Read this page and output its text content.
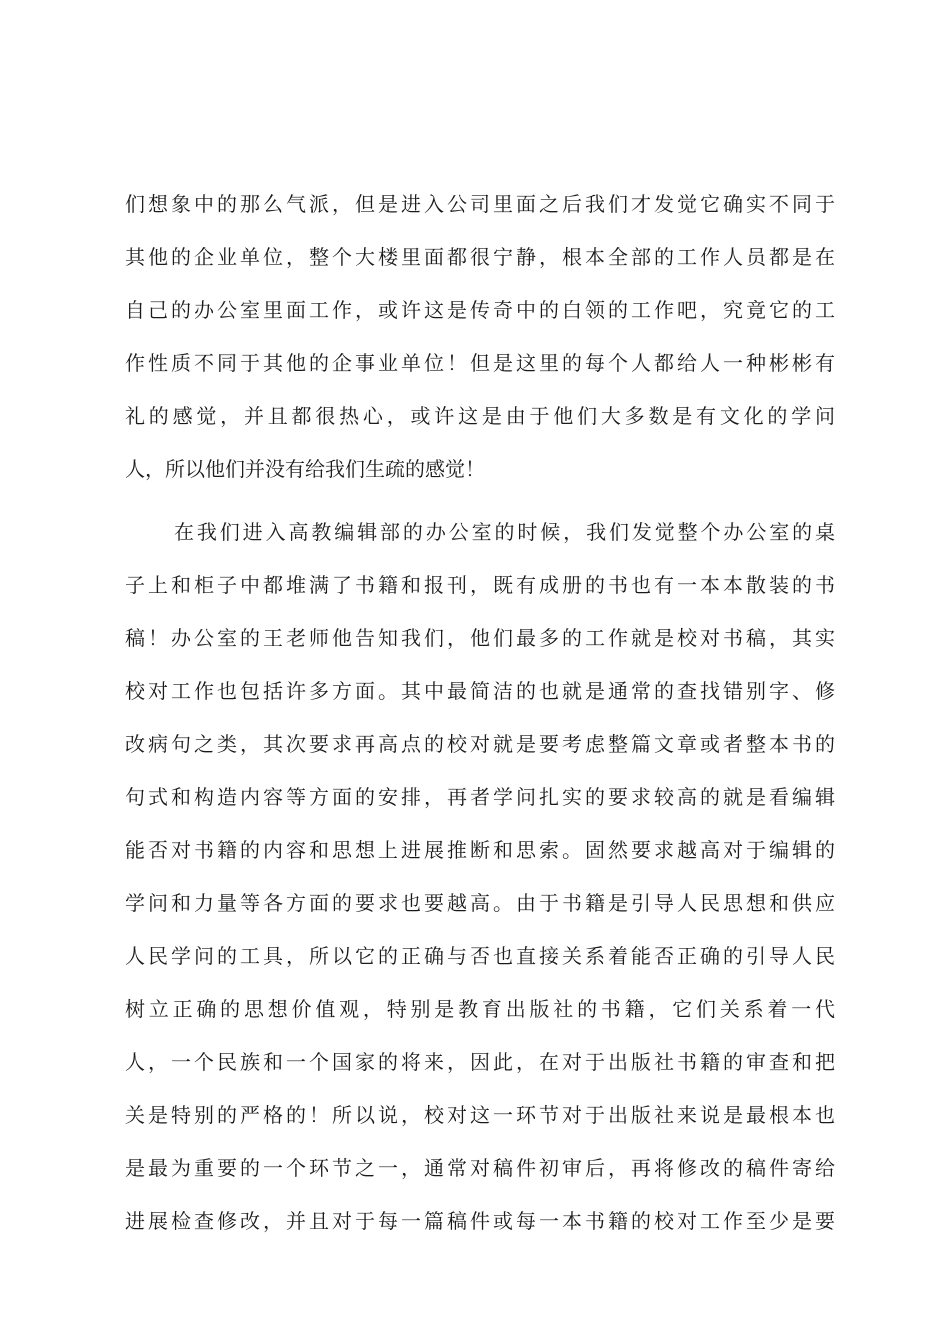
们想象中的那么气派，但是进入公司里面之后我们才发觉它确实不同于
其他的企业单位，整个大楼里面都很宁静，根本全部的工作人员都是在
自己的办公室里面工作，或许这是传奇中的白领的工作吧，究竟它的工
作性质不同于其他的企事业单位！但是这里的每个人都给人一种彬彬有
礼的感觉，并且都很热心，或许这是由于他们大多数是有文化的学问
人，所以他们并没有给我们生疏的感觉！
在我们进入高教编辑部的办公室的时候，我们发觉整个办公室的桌
子上和柜子中都堆满了书籍和报刊，既有成册的书也有一本本散装的书
稿！办公室的王老师他告知我们，他们最多的工作就是校对书稿，其实
校对工作也包括许多方面。其中最简洁的也就是通常的查找错别字、修
改病句之类，其次要求再高点的校对就是要考虑整篇文章或者整本书的
句式和构造内容等方面的安排，再者学问扎实的要求较高的就是看编辑
能否对书籍的内容和思想上进展推断和思索。固然要求越高对于编辑的
学问和力量等各方面的要求也要越高。由于书籍是引导人民思想和供应
人民学问的工具，所以它的正确与否也直接关系着能否正确的引导人民
树立正确的思想价值观，特别是教育出版社的书籍，它们关系着一代
人，一个民族和一个国家的将来，因此，在对于出版社书籍的审查和把
关是特别的严格的！所以说，校对这一环节对于出版社来说是最根本也
是最为重要的一个环节之一，通常对稿件初审后，再将修改的稿件寄给
进展检查修改，并且对于每一篇稿件或每一本书籍的校对工作至少是要
